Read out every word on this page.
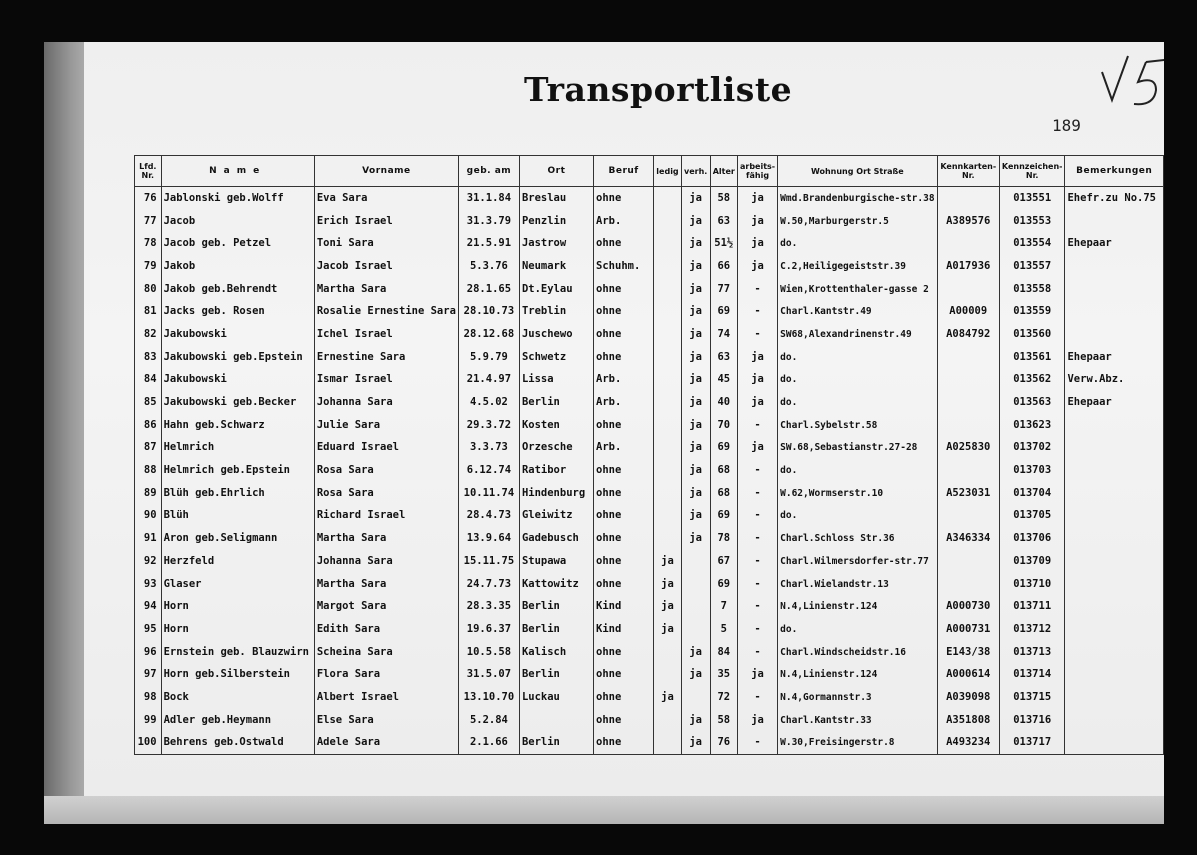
Transportliste
189
Lfd. Nr.	Name	Vorname	geb. am	Ort	Beruf	ledig	verh.	Alter	arbeits-fähig	Wohnung Ort Straße	Kennkarten-Nr.	Kennzeichen-Nr.	Bemerkungen
76	Jablonski geb.Wolff	Eva Sara	31.1.84	Breslau	ohne		ja	58	ja	Wmd.Brandenburgische-str.38		013551	Ehefr.zu No.75
77	Jacob	Erich Israel	31.3.79	Penzlin	Arb.		ja	63	ja	W.50,Marburgerstr.5	A389576	013553	
78	Jacob geb. Petzel	Toni Sara	21.5.91	Jastrow	ohne		ja	51½	ja	do.		013554	Ehepaar
79	Jakob	Jacob Israel	5.3.76	Neumark	Schuhm.		ja	66	ja	C.2,Heiligegeiststr.39	A017936	013557	
80	Jakob geb.Behrendt	Martha Sara	28.1.65	Dt.Eylau	ohne		ja	77	-	Wien,Krottenthaler-gasse 2		013558	
81	Jacks geb. Rosen	Rosalie Ernestine Sara	28.10.73	Treblin	ohne		ja	69	-	Charl.Kantstr.49	A00009	013559	
82	Jakubowski	Ichel Israel	28.12.68	Juschewo	ohne		ja	74	-	SW68,Alexandrinenstr.49	A084792	013560	
83	Jakubowski geb.Epstein	Ernestine Sara	5.9.79	Schwetz	ohne		ja	63	ja	do.		013561	Ehepaar
84	Jakubowski	Ismar Israel	21.4.97	Lissa	Arb.		ja	45	ja	do.		013562	Verw.Abz.
85	Jakubowski geb.Becker	Johanna Sara	4.5.02	Berlin	Arb.		ja	40	ja	do.		013563	Ehepaar
86	Hahn geb.Schwarz	Julie Sara	29.3.72	Kosten	ohne		ja	70	-	Charl.Sybelstr.58		013623	
87	Helmrich	Eduard Israel	3.3.73	Orzesche	Arb.		ja	69	ja	SW.68,Sebastianstr.27-28	A025830	013702	
88	Helmrich geb.Epstein	Rosa Sara	6.12.74	Ratibor	ohne		ja	68	-	do.		013703	
89	Blüh geb.Ehrlich	Rosa Sara	10.11.74	Hindenburg	ohne		ja	68	-	W.62,Wormserstr.10	A523031	013704	
90	Blüh	Richard Israel	28.4.73	Gleiwitz	ohne		ja	69	-	do.		013705	
91	Aron geb.Seligmann	Martha Sara	13.9.64	Gadebusch	ohne		ja	78	-	Charl.Schloss Str.36	A346334	013706	
92	Herzfeld	Johanna Sara	15.11.75	Stupawa	ohne	ja		67	-	Charl.Wilmersdorfer-str.77		013709	
93	Glaser	Martha Sara	24.7.73	Kattowitz	ohne	ja		69	-	Charl.Wielandstr.13		013710	
94	Horn	Margot Sara	28.3.35	Berlin	Kind	ja		7	-	N.4,Linienstr.124	A000730	013711	
95	Horn	Edith Sara	19.6.37	Berlin	Kind	ja		5	-	do.	A000731	013712	
96	Ernstein geb. Blauzwirn	Scheina Sara	10.5.58	Kalisch	ohne		ja	84	-	Charl.Windscheidstr.16	E143/38	013713	
97	Horn geb.Silberstein	Flora Sara	31.5.07	Berlin	ohne		ja	35	ja	N.4,Linienstr.124	A000614	013714	
98	Bock	Albert Israel	13.10.70	Luckau	ohne	ja		72	-	N.4,Gormannstr.3	A039098	013715	
99	Adler geb.Heymann	Else Sara	5.2.84		ohne		ja	58	ja	Charl.Kantstr.33	A351808	013716	
100	Behrens geb.Ostwald	Adele Sara	2.1.66	Berlin	ohne		ja	76	-	W.30,Freisingerstr.8	A493234	013717	
